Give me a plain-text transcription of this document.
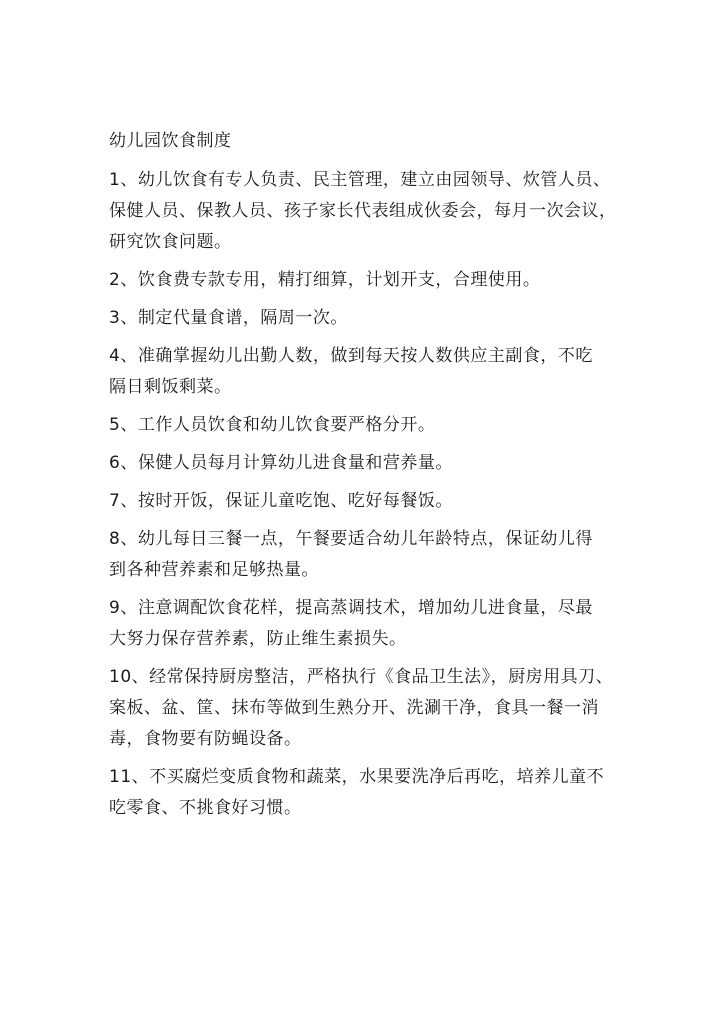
幼儿园饮食制度
1、幼儿饮食有专人负责、民主管理，建立由园领导、炊管人员、
保健人员、保教人员、孩子家长代表组成伙委会，每月一次会议，
研究饮食问题。
2、饮食费专款专用，精打细算，计划开支，合理使用。
3、制定代量食谱，隔周一次。
4、准确掌握幼儿出勤人数，做到每天按人数供应主副食，不吃
隔日剩饭剩菜。
5、工作人员饮食和幼儿饮食要严格分开。
6、保健人员每月计算幼儿进食量和营养量。
7、按时开饭，保证儿童吃饱、吃好每餐饭。
8、幼儿每日三餐一点，午餐要适合幼儿年龄特点，保证幼儿得
到各种营养素和足够热量。
9、注意调配饮食花样，提高蒸调技术，增加幼儿进食量，尽最
大努力保存营养素，防止维生素损失。
10、经常保持厨房整洁，严格执行《食品卫生法》，厨房用具刀、
案板、盆、筐、抹布等做到生熟分开、洗涮干净，食具一餐一消
毒，食物要有防蝇设备。
11、不买腐烂变质食物和蔬菜，水果要洗净后再吃，培养儿童不
吃零食、不挑食好习惯。
